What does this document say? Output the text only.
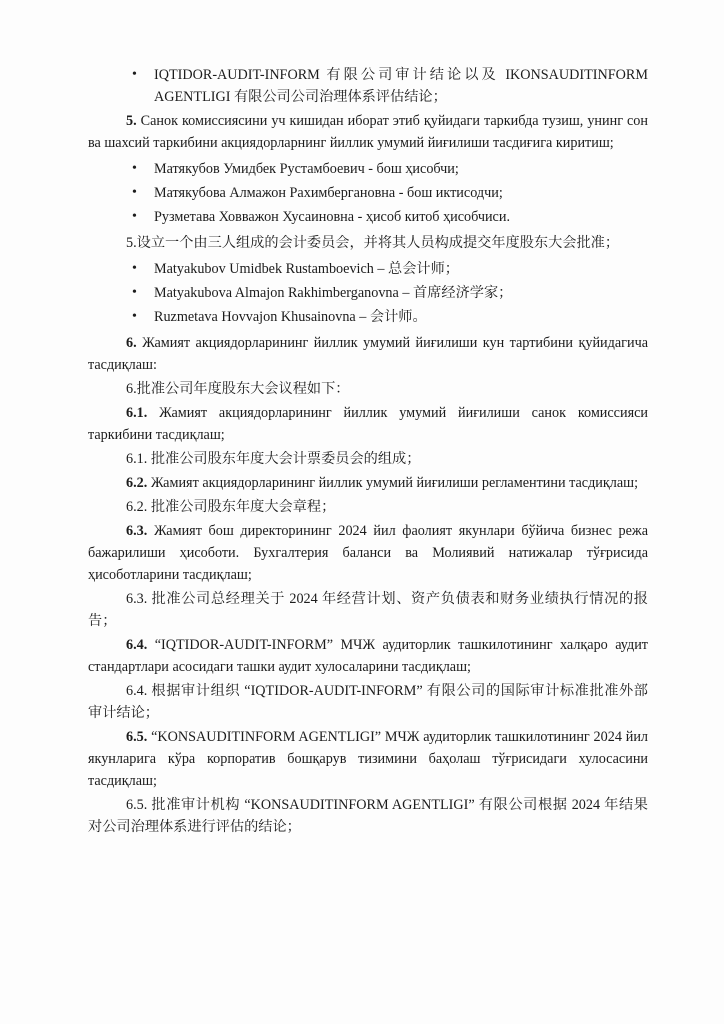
• IQTIDOR-AUDIT-INFORM 有限公司审计结论以及 IKONSAUDITINFORM AGENTLIGI 有限公司公司治理体系评估结论；

5. Санок комиссиясини уч кишидан иборат этиб қуйидаги таркибда тузиш, унинг сон ва шахсий таркибини акциядорларнинг йиллик умумий йиғилиши тасдиғига киритиш;

• Матякубов Умидбек Рустамбоевич - бош ҳисобчи;
• Матякубова Алмажон Рахимбергановна - бош иктисодчи;
• Рузметава Ховважон Хусаиновна - ҳисоб китоб ҳисобчиси.

5.设立一个由三人组成的会计委员会，并将其人员构成提交年度股东大会批准；

• Matyakubov Umidbek Rustamboevich – 总会计师；
• Matyakubova Almajon Rakhimberganovna – 首席经济学家；
• Ruzmetava Hovvajon Khusainovna – 会计师。

6. Жамият акциядорларининг йиллик умумий йиғилиши кун тартибини қуйидагича тасдиқлаш:

6.批准公司年度股东大会议程如下：

6.1. Жамият акциядорларининг йиллик умумий йиғилиши санок комиссияси таркибини тасдиқлаш;

6.1. 批准公司股东年度大会计票委员会的组成；

6.2. Жамият акциядорларининг йиллик умумий йиғилиши регламентини тасдиқлаш;

6.2. 批准公司股东年度大会章程；

6.3. Жамият бош директорининг 2024 йил фаолият якунлари бўйича бизнес режа бажарилиши ҳисоботи. Бухгалтерия баланси ва Молиявий натижалар тўғрисида ҳисоботларини тасдиқлаш;

6.3. 批准公司总经理关于 2024 年经营计划、资产负债表和财务业绩执行情况的报告；

6.4. “IQTIDOR-AUDIT-INFORM” МЧЖ аудиторлик ташкилотининг халқаро аудит стандартлари асосидаги ташки аудит хулосаларини тасдиқлаш;

6.4. 根据审计组织 “IQTIDOR-AUDIT-INFORM” 有限公司的国际审计标准批准外部审计结论；

6.5. “KONSAUDITINFORM AGENTLIGI” МЧЖ аудиторлик ташкилотининг 2024 йил якунларига кўра корпоратив бошқарув тизимини баҳолаш тўғрисидаги хулосасини тасдиқлаш;

6.5. 批准审计机构 “KONSAUDITINFORM AGENTLIGI” 有限公司根据 2024 年结果对公司治理体系进行评估的结论；
